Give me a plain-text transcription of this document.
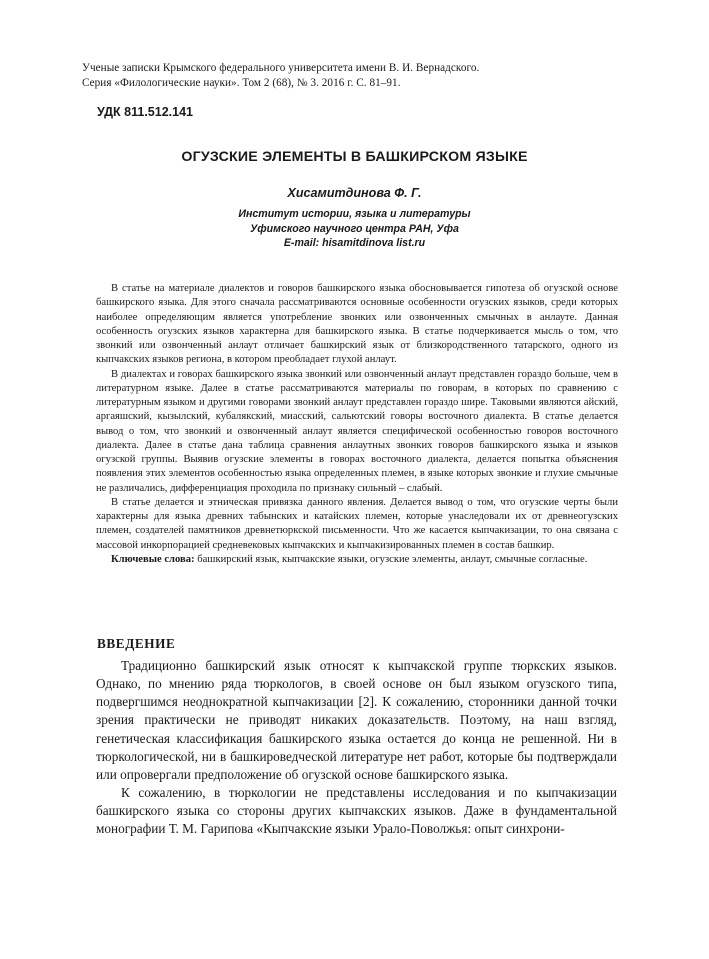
Ученые записки Крымского федерального университета имени В. И. Вернадского.
Серия «Филологические науки». Том 2 (68), № 3. 2016 г. С. 81–91.
УДК 811.512.141
ОГУЗСКИЕ ЭЛЕМЕНТЫ В БАШКИРСКОМ ЯЗЫКЕ
Хисамитдинова Ф. Г.
Институт истории, языка и литературы
Уфимского научного центра РАН, Уфа
E-mail: hisamitdinova list.ru

В статье на материале диалектов и говоров башкирского языка обосновывается гипотеза об огузской основе башкирского языка. Для этого сначала рассматриваются основные особенности огузских языков, среди которых наиболее определяющим является употребление звонких или озвонченных смычных в анлауте. Данная особенность огузских языков характерна для башкирского языка. В статье подчеркивается мысль о том, что звонкий или озвонченный анлаут отличает башкирский язык от близкородственного татарского, одного из кыпчакских языков региона, в котором преобладает глухой анлаут.

В диалектах и говорах башкирского языка звонкий или озвонченный анлаут представлен гораздо больше, чем в литературном языке. Далее в статье рассматриваются материалы по говорам, в которых по сравнению с литературным языком и другими говорами звонкий анлаут представлен гораздо шире. Таковыми являются айский, аргаяшский, кызылский, кубалякский, миасский, сальютский говоры восточного диалекта. В статье делается вывод о том, что звонкий и озвонченный анлаут является специфической особенностью говоров восточного диалекта. Далее в статье дана таблица сравнения анлаутных звонких говоров башкирского языка и языков огузской группы. Выявив огузские элементы в говорах восточного диалекта, делается попытка объяснения появления этих элементов особенностью языка определенных племен, в языке которых звонкие и глухие смычные не различались, дифференциация проходила по признаку сильный – слабый.

В статье делается и этническая привязка данного явления. Делается вывод о том, что огузские черты были характерны для языка древних табынских и катайских племен, которые унаследовали их от древнеогузских племен, создателей памятников древнетюркской письменности. Что же касается кыпчакизации, то она связана с массовой инкорпорацией средневековых кыпчакских и кыпчакизированных племен в состав башкир.

Ключевые слова: башкирский язык, кыпчакские языки, огузские элементы, анлаут, смычные согласные.

ВВЕДЕНИЕ

Традиционно башкирский язык относят к кыпчакской группе тюркских языков. Однако, по мнению ряда тюркологов, в своей основе он был языком огузского типа, подвергшимся неоднократной кыпчакизации [2]. К сожалению, сторонники данной точки зрения практически не приводят никаких доказательств. Поэтому, на наш взгляд, генетическая классификация башкирского языка остается до конца не решенной. Ни в тюркологической, ни в башкироведческой литературе нет работ, которые бы подтверждали или опровергали предположение об огузской основе башкирского языка.

К сожалению, в тюркологии не представлены исследования и по кыпчакизации башкирского языка со стороны других кыпчакских языков. Даже в фундаментальной монографии Т. М. Гарипова «Кыпчакские языки Урало-Поволжья: опыт синхрони-
